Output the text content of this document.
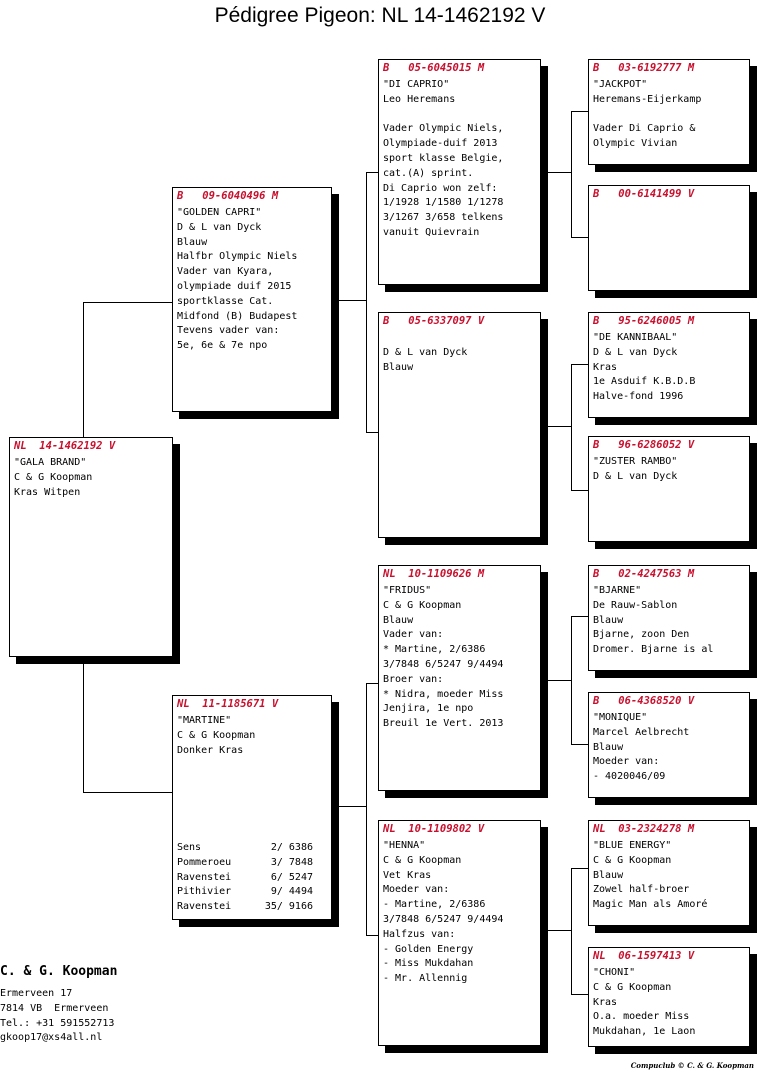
Pédigree Pigeon: NL 14-1462192 V
NL  14-1462192 V
"GALA BRAND"
C & G Koopman
Kras Witpen
B   09-6040496 M
"GOLDEN CAPRI"
D & L van Dyck
Blauw
Halfbr Olympic Niels
Vader van Kyara,
olympiade duif 2015
sportklasse Cat.
Midfond (B) Budapest
Tevens vader van:
5e, 6e & 7e npo
NL  11-1185671 V
"MARTINE"
C & G Koopman
Donker Kras
Sens	2/ 6386
Pommeroeu	3/ 7848
Ravenstei	6/ 5247
Pithivier	9/ 4494
Ravenstei	35/ 9166
B   05-6045015 M
"DI CAPRIO"
Leo Heremans
Vader Olympic Niels,
Olympiade-duif 2013
sport klasse Belgie,
cat.(A) sprint.
Di Caprio won zelf:
1/1928 1/1580 1/1278
3/1267 3/658 telkens
vanuit Quievrain
B   05-6337097 V

D & L van Dyck
Blauw
NL  10-1109626 M
"FRIDUS"
C & G Koopman
Blauw
Vader van:
* Martine, 2/6386
3/7848 6/5247 9/4494
Broer van:
* Nidra, moeder Miss
Jenjira, 1e npo
Breuil 1e Vert. 2013
NL  10-1109802 V
"HENNA"
C & G Koopman
Vet Kras
Moeder van:
- Martine, 2/6386
3/7848 6/5247 9/4494
Halfzus van:
- Golden Energy
- Miss Mukdahan
- Mr. Allennig
B   03-6192777 M
"JACKPOT"
Heremans-Eijerkamp
Vader Di Caprio &
Olympic Vivian
B   00-6141499 V
B   95-6246005 M
"DE KANNIBAAL"
D & L van Dyck
Kras
1e Asduif K.B.D.B
Halve-fond 1996
B   96-6286052 V
"ZUSTER RAMBO"
D & L van Dyck
B   02-4247563 M
"BJARNE"
De Rauw-Sablon
Blauw
Bjarne, zoon Den
Dromer. Bjarne is al
B   06-4368520 V
"MONIQUE"
Marcel Aelbrecht
Blauw
Moeder van:
- 4020046/09
NL  03-2324278 M
"BLUE ENERGY"
C & G Koopman
Blauw
Zowel half-broer
Magic Man als Amoré
NL  06-1597413 V
"CHONI"
C & G Koopman
Kras
O.a. moeder Miss
Mukdahan, 1e Laon
C. & G. Koopman
Ermerveen 17
7814 VB  Ermerveen
Tel.: +31 591552713
gkoop17@xs4all.nl
Compuclub © C. & G. Koopman
